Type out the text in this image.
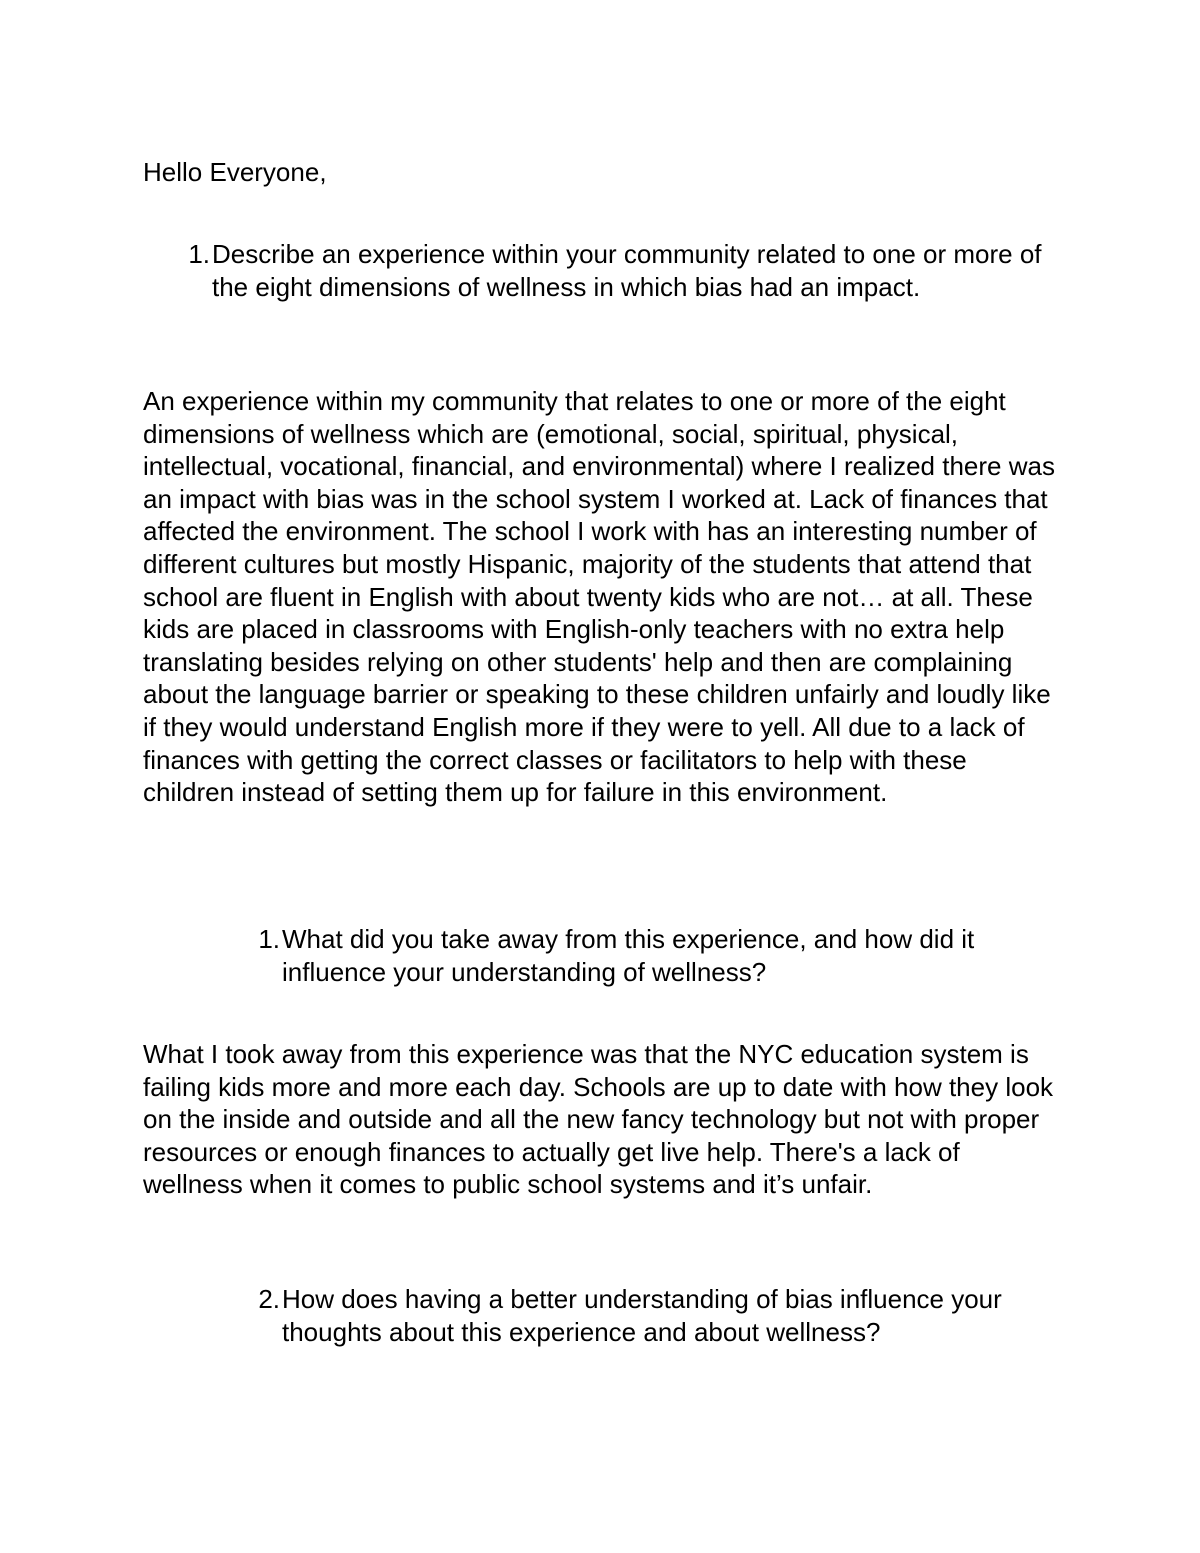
Hello Everyone,

1. Describe an experience within your community related to one or more of the eight dimensions of wellness in which bias had an impact.

An experience within my community that relates to one or more of the eight dimensions of wellness which are (emotional, social, spiritual, physical, intellectual, vocational, financial, and environmental) where I realized there was an impact with bias was in the school system I worked at. Lack of finances that affected the environment. The school I work with has an interesting number of different cultures but mostly Hispanic, majority of the students that attend that school are fluent in English with about twenty kids who are not… at all. These kids are placed in classrooms with English-only teachers with no extra help translating besides relying on other students' help and then are complaining about the language barrier or speaking to these children unfairly and loudly like if they would understand English more if they were to yell. All due to a lack of finances with getting the correct classes or facilitators to help with these children instead of setting them up for failure in this environment.

1. What did you take away from this experience, and how did it influence your understanding of wellness?

What I took away from this experience was that the NYC education system is failing kids more and more each day. Schools are up to date with how they look on the inside and outside and all the new fancy technology but not with proper resources or enough finances to actually get live help. There's a lack of wellness when it comes to public school systems and it’s unfair.

2. How does having a better understanding of bias influence your thoughts about this experience and about wellness?
